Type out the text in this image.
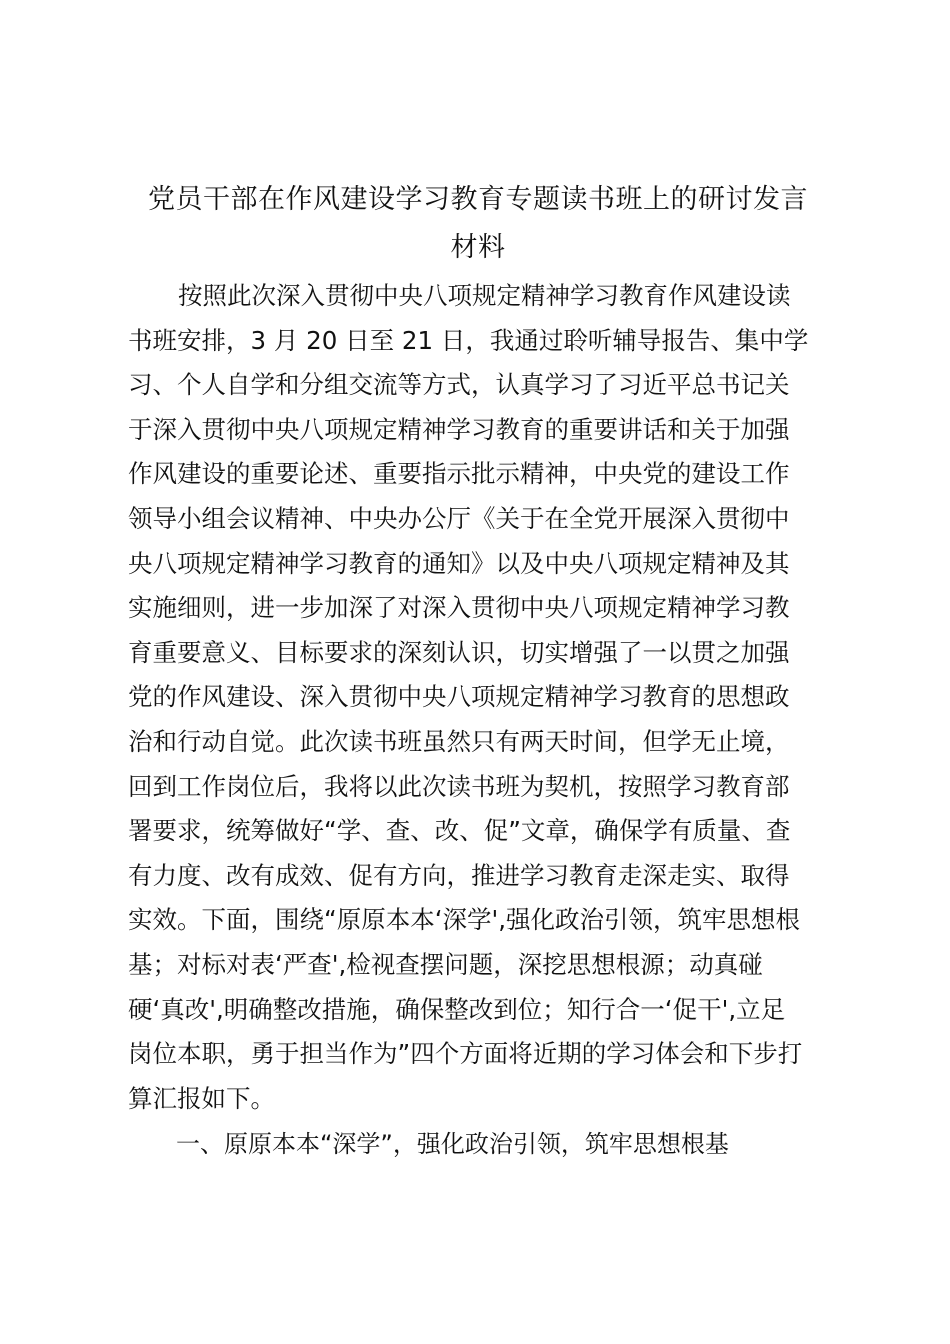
党员干部在作风建设学习教育专题读书班上的研讨发言
材料
按照此次深入贯彻中央八项规定精神学习教育作风建设读
书班安排，3 月 20 日至 21 日，我通过聆听辅导报告、集中学
习、个人自学和分组交流等方式，认真学习了习近平总书记关
于深入贯彻中央八项规定精神学习教育的重要讲话和关于加强
作风建设的重要论述、重要指示批示精神，中央党的建设工作
领导小组会议精神、中央办公厅《关于在全党开展深入贯彻中
央八项规定精神学习教育的通知》以及中央八项规定精神及其
实施细则，进一步加深了对深入贯彻中央八项规定精神学习教
育重要意义、目标要求的深刻认识，切实增强了一以贯之加强
党的作风建设、深入贯彻中央八项规定精神学习教育的思想政
治和行动自觉。此次读书班虽然只有两天时间，但学无止境，
回到工作岗位后，我将以此次读书班为契机，按照学习教育部
署要求，统筹做好“学、查、改、促”文章，确保学有质量、查
有力度、改有成效、促有方向，推进学习教育走深走实、取得
实效。下面，围绕“原原本本‘深学',强化政治引领，筑牢思想根
基；对标对表‘严查',检视查摆问题，深挖思想根源；动真碰
硬‘真改',明确整改措施，确保整改到位；知行合一‘促干',立足
岗位本职，勇于担当作为”四个方面将近期的学习体会和下步打
算汇报如下。
一、原原本本“深学”，强化政治引领，筑牢思想根基
